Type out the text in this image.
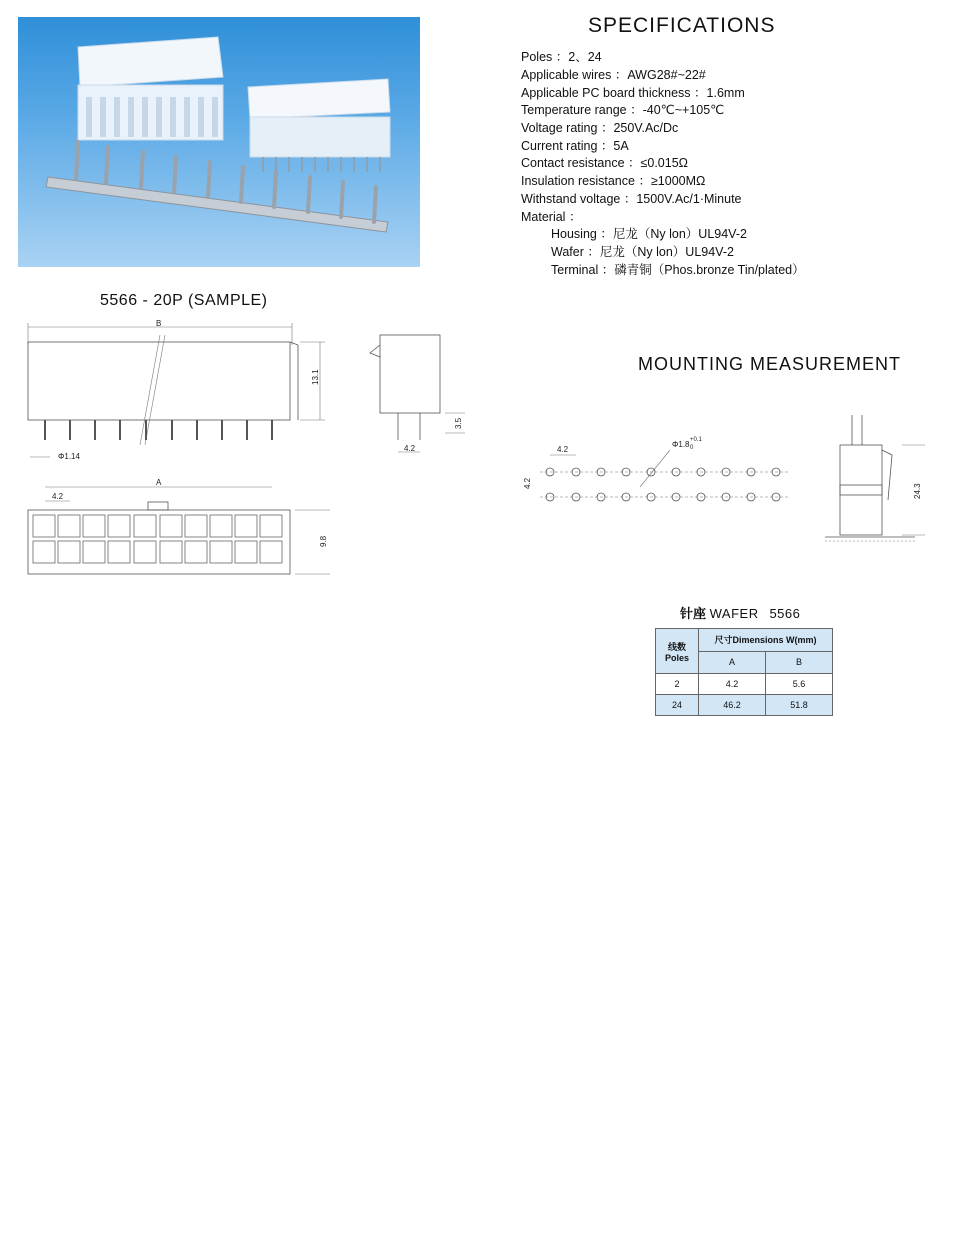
SPECIFICATIONS
Poles ：2、24
Applicable wires ：AWG28#~22#
Applicable PC board thickness ：1.6mm
Temperature range ：-40℃~+105℃
Voltage rating ：250V.Ac/Dc
Current rating ：5A
Contact resistance ：≤0.015Ω
Insulation resistance ：≥1000MΩ
Withstand voltage ：1500V.Ac/1·Minute
Material ：
Housing ：尼龙（Ny lon）UL94V-2
Wafer ：尼龙（Ny lon）UL94V-2
Terminal ：磷青铜（Phos.bronze Tin/plated）
5566 - 20P (SAMPLE)
B
13.1
Φ1.14
4.2
3.5
A
4.2
9.8
MOUNTING MEASUREMENT
4.2
4.2
Φ1.8 +0.1
0
24.3
针座 WAFER 5566
线数
Poles	尺寸Dimensions W(mm)	
	A	B
2	4.2	5.6
24	46.2	51.8
